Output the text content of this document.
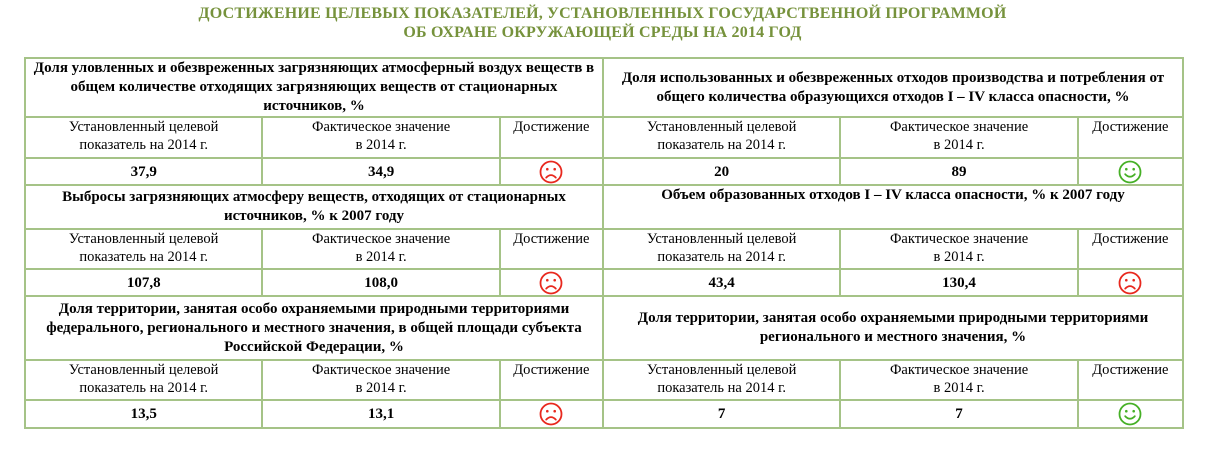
ДОСТИЖЕНИЕ ЦЕЛЕВЫХ ПОКАЗАТЕЛЕЙ, УСТАНОВЛЕННЫХ ГОСУДАРСТВЕННОЙ ПРОГРАММОЙ
ОБ ОХРАНЕ ОКРУЖАЮЩЕЙ СРЕДЫ НА 2014 ГОД
Доля уловленных и обезвреженных загрязняющих атмосферный воздух веществ в общем количестве отходящих загрязняющих веществ от стационарных источников, %			Доля использованных и обезвреженных отходов производства и потребления от общего количества образующихся отходов I – IV класса опасности, %		
Установленный целевой
показатель на 2014 г.	Фактическое значение
в 2014 г.	Достижение	Установленный целевой
показатель на 2014 г.	Фактическое значение
в 2014 г.	Достижение
37,9	34,9		20	89	

Выбросы загрязняющих атмосферу веществ, отходящих от стационарных источников, % к 2007 году			Объем образованных отходов I – IV класса опасности, % к 2007 году		
Установленный целевой
показатель на 2014 г.	Фактическое значение
в 2014 г.	Достижение	Установленный целевой
показатель на 2014 г.	Фактическое значение
в 2014 г.	Достижение
107,8	108,0		43,4	130,4	

Доля территории, занятая особо охраняемыми природными территориями федерального, регионального и местного значения, в общей площади субъекта Российской Федерации, %			Доля территории, занятая особо охраняемыми природными территориями регионального и местного значения, %		
Установленный целевой
показатель на 2014 г.	Фактическое значение
в 2014 г.	Достижение	Установленный целевой
показатель на 2014 г.	Фактическое значение
в 2014 г.	Достижение
13,5	13,1		7	7	
